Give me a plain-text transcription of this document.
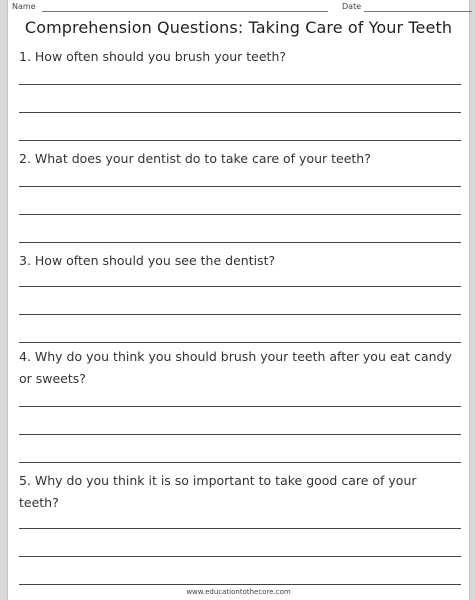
Name	Date
Comprehension Questions: Taking Care of Your Teeth
1. How often should you brush your teeth?
2. What does your dentist do to take care of your teeth?
3. How often should you see the dentist?
4. Why do you think you should brush your teeth after you eat candy or sweets?
5. Why do you think it is so important to take good care of your teeth?
www.educationtothecore.com
